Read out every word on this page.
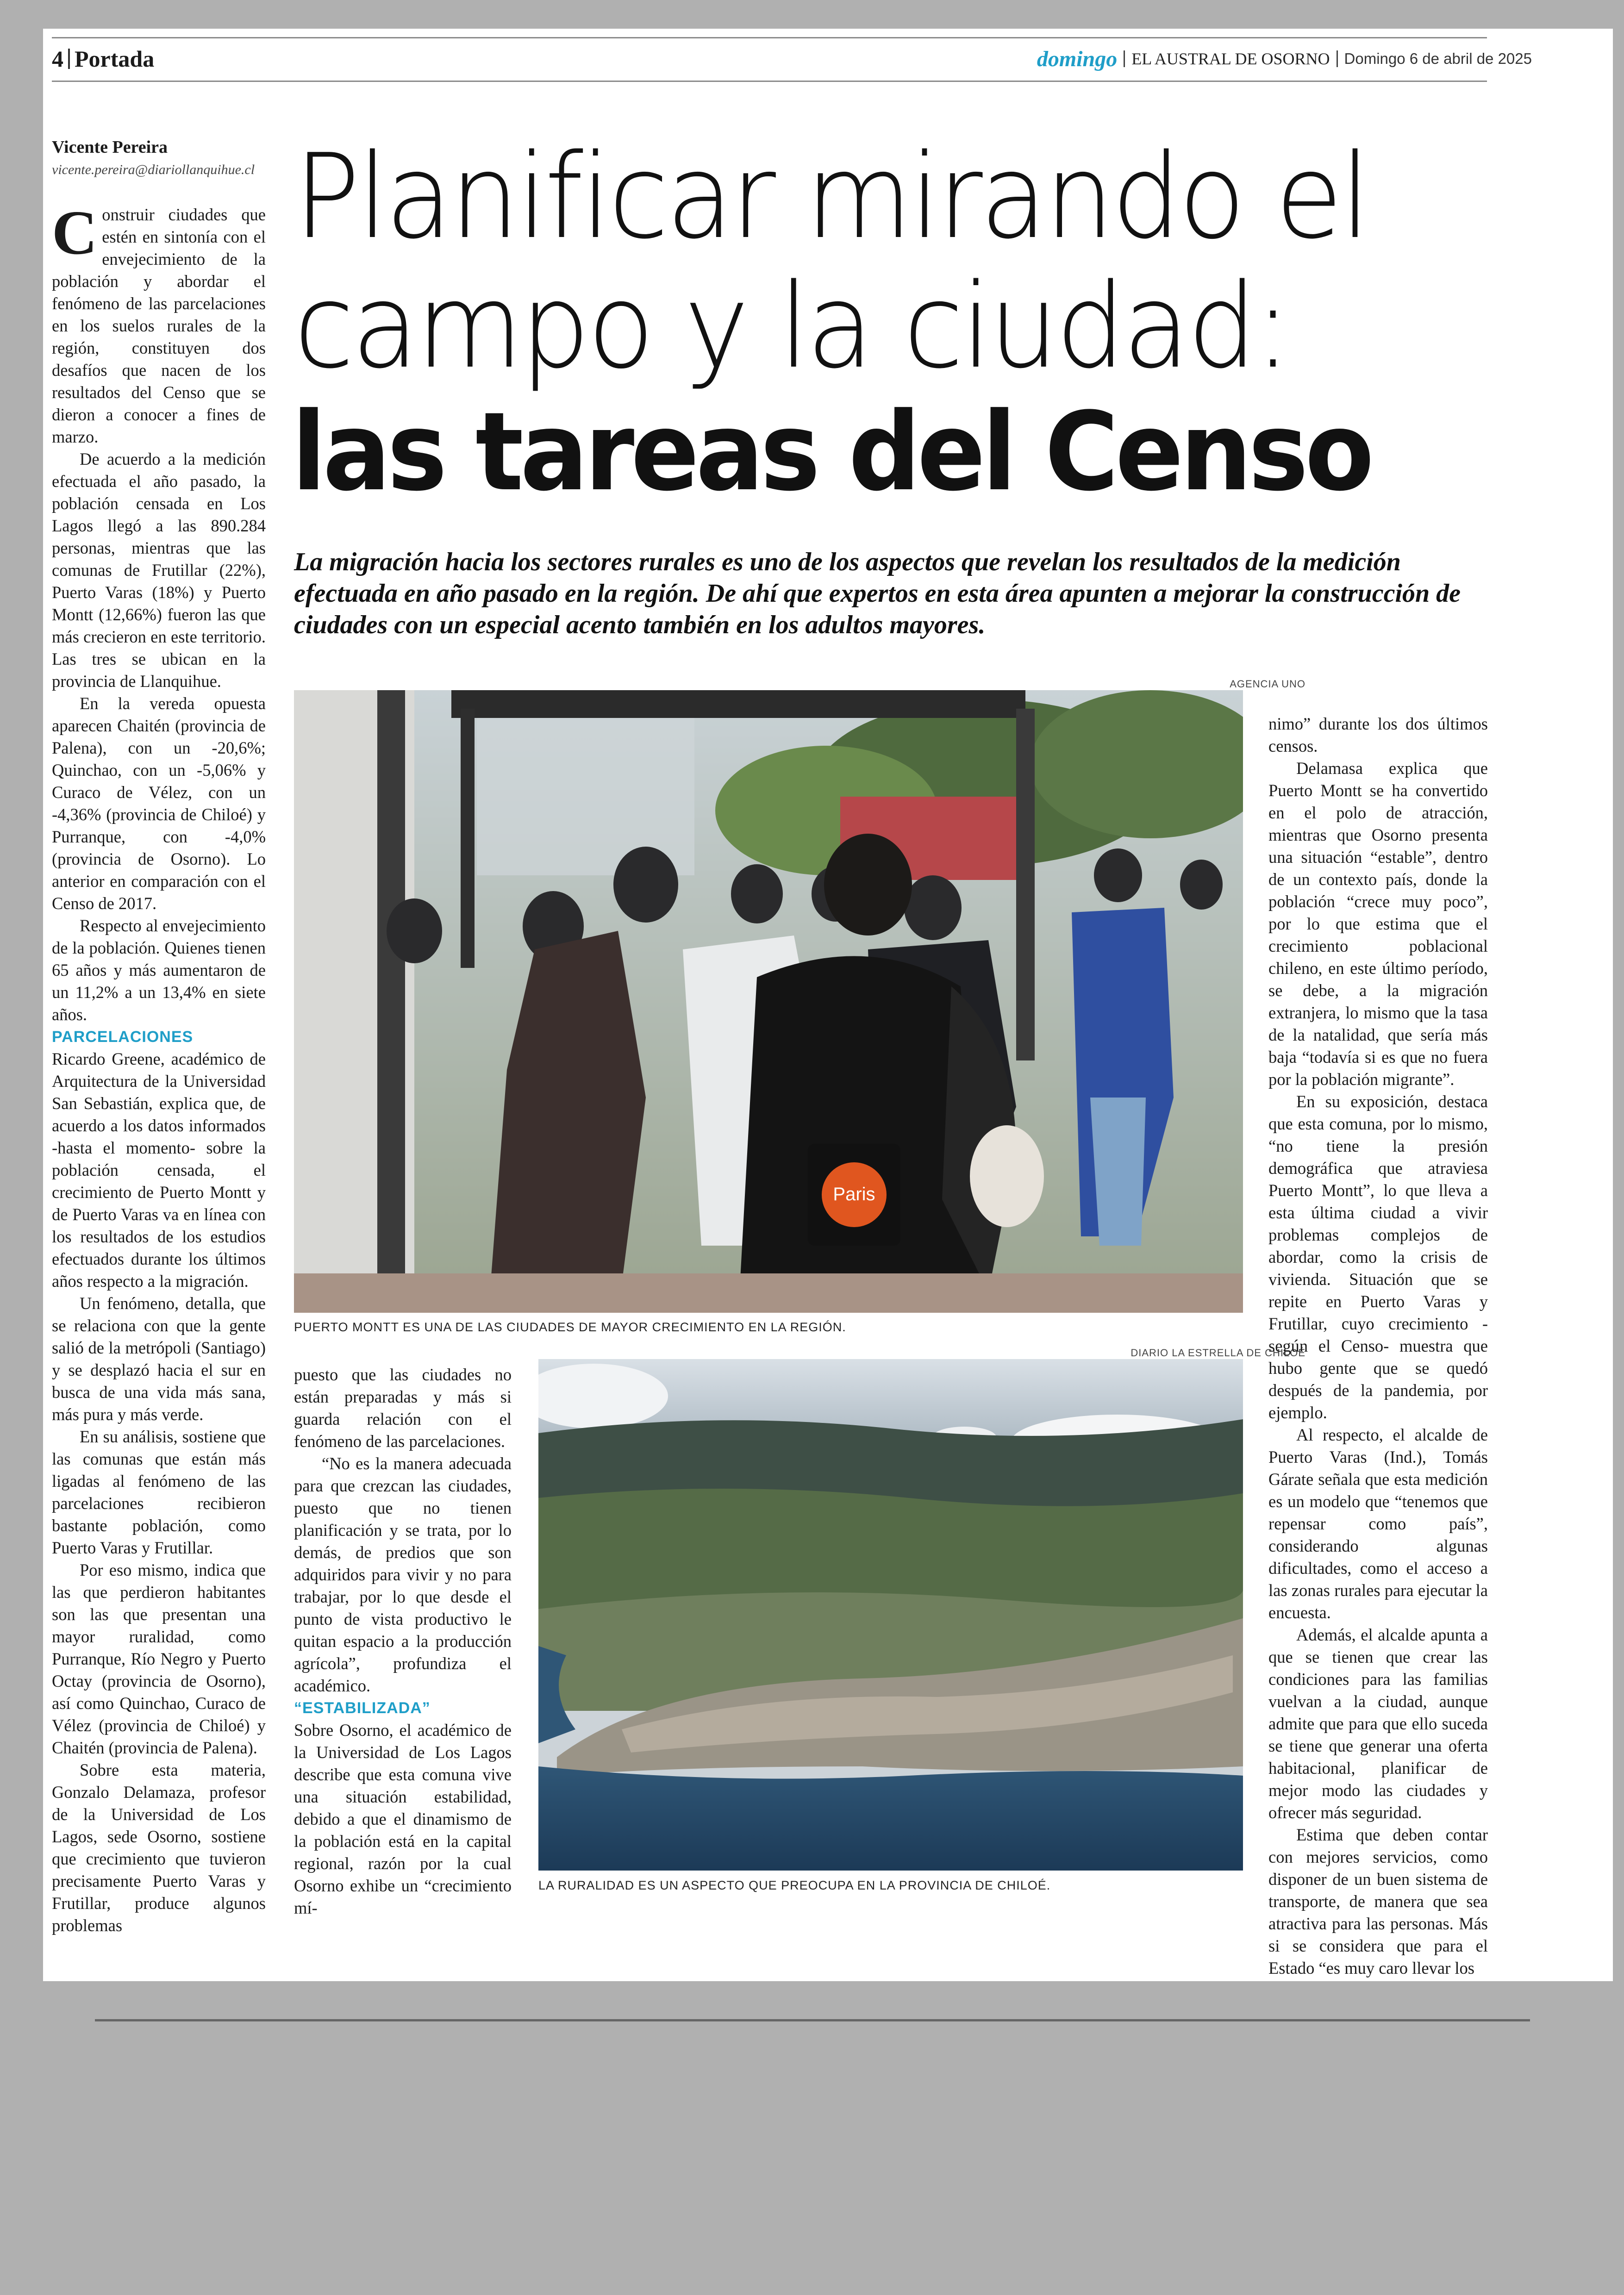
4 Portada	domingo EL AUSTRAL DE OSORNO Domingo 6 de abril de 2025
Vicente Pereira
vicente.pereira@diariollanquihue.cl Planificar mirando el
campo y la ciudad:
las tareas del Censo
La migración hacia los sectores rurales es uno de los aspectos que revelan los resultados de la medición efectuada en año pasado en la región. De ahí que expertos en esta área apunten a mejorar la construcción de ciudades con un especial acento también en los adultos mayores.

Construir ciudades que estén en sintonía con el envejecimiento de la población y abordar el fenómeno de las parcelaciones en los suelos rurales de la región, constituyen dos desafíos que nacen de los resultados del Censo que se dieron a conocer a fines de marzo.

De acuerdo a la medición efectuada el año pasado, la población censada en Los Lagos llegó a las 890.284 personas, mientras que las comunas de Frutillar (22%), Puerto Varas (18%) y Puerto Montt (12,66%) fueron las que más crecieron en este territorio. Las tres se ubican en la provincia de Llanquihue.

En la vereda opuesta aparecen Chaitén (provincia de Palena), con un -20,6%; Quinchao, con un -5,06% y Curaco de Vélez, con un -4,36% (provincia de Chiloé) y Purranque, con -4,0% (provincia de Osorno). Lo anterior en comparación con el Censo de 2017.

Respecto al envejecimiento de la población. Quienes tienen 65 años y más aumentaron de un 11,2% a un 13,4% en siete años.

PARCELACIONES

Ricardo Greene, académico de Arquitectura de la Universidad San Sebastián, explica que, de acuerdo a los datos informados -hasta el momento- sobre la población censada, el crecimiento de Puerto Montt y de Puerto Varas va en línea con los resultados de los estudios efectuados durante los últimos años respecto a la migración.

Un fenómeno, detalla, que se relaciona con que la gente salió de la metrópoli (Santiago) y se desplazó hacia el sur en busca de una vida más sana, más pura y más verde.

En su análisis, sostiene que las comunas que están más ligadas al fenómeno de las parcelaciones recibieron bastante población, como Puerto Varas y Frutillar.

Por eso mismo, indica que las que perdieron habitantes son las que presentan una mayor ruralidad, como Purranque, Río Negro y Puerto Octay (provincia de Osorno), así como Quinchao, Curaco de Vélez (provincia de Chiloé) y Chaitén (provincia de Palena).

Sobre esta materia, Gonzalo Delamaza, profesor de la Universidad de Los Lagos, sede Osorno, sostiene que crecimiento que tuvieron precisamente Puerto Varas y Frutillar, produce algunos problemas

AGENCIA UNO
Paris
PUERTO MONTT ES UNA DE LAS CIUDADES DE MAYOR CRECIMIENTO EN LA REGIÓN.
DIARIO LA ESTRELLA DE CHILOÉ
LA RURALIDAD ES UN ASPECTO QUE PREOCUPA EN LA PROVINCIA DE CHILOÉ.

puesto que las ciudades no están preparadas y más si guarda relación con el fenómeno de las parcelaciones.

“No es la manera adecuada para que crezcan las ciudades, puesto que no tienen planificación y se trata, por lo demás, de predios que son adquiridos para vivir y no para trabajar, por lo que desde el punto de vista productivo le quitan espacio a la producción agrícola”, profundiza el académico.

“ESTABILIZADA”

Sobre Osorno, el académico de la Universidad de Los Lagos describe que esta comuna vive una situación estabilidad, debido a que el dinamismo de la población está en la capital regional, razón por la cual Osorno exhibe un “crecimiento mí-

nimo” durante los dos últimos censos.

Delamasa explica que Puerto Montt se ha convertido en el polo de atracción, mientras que Osorno presenta una situación “estable”, dentro de un contexto país, donde la población “crece muy poco”, por lo que estima que el crecimiento poblacional chileno, en este último período, se debe, a la migración extranjera, lo mismo que la tasa de la natalidad, que sería más baja “todavía si es que no fuera por la población migrante”.

En su exposición, destaca que esta comuna, por lo mismo, “no tiene la presión demográfica que atraviesa Puerto Montt”, lo que lleva a esta última ciudad a vivir problemas complejos de abordar, como la crisis de vivienda. Situación que se repite en Puerto Varas y Frutillar, cuyo crecimiento -según el Censo- muestra que hubo gente que se quedó después de la pandemia, por ejemplo.

Al respecto, el alcalde de Puerto Varas (Ind.), Tomás Gárate señala que esta medición es un modelo que “tenemos que repensar como país”, considerando algunas dificultades, como el acceso a las zonas rurales para ejecutar la encuesta.

Además, el alcalde apunta a que se tienen que crear las condiciones para las familias vuelvan a la ciudad, aunque admite que para que ello suceda se tiene que generar una oferta habitacional, planificar de mejor modo las ciudades y ofrecer más seguridad.

Estima que deben contar con mejores servicios, como disponer de un buen sistema de transporte, de manera que sea atractiva para las personas. Más si se considera que para el Estado “es muy caro llevar los
